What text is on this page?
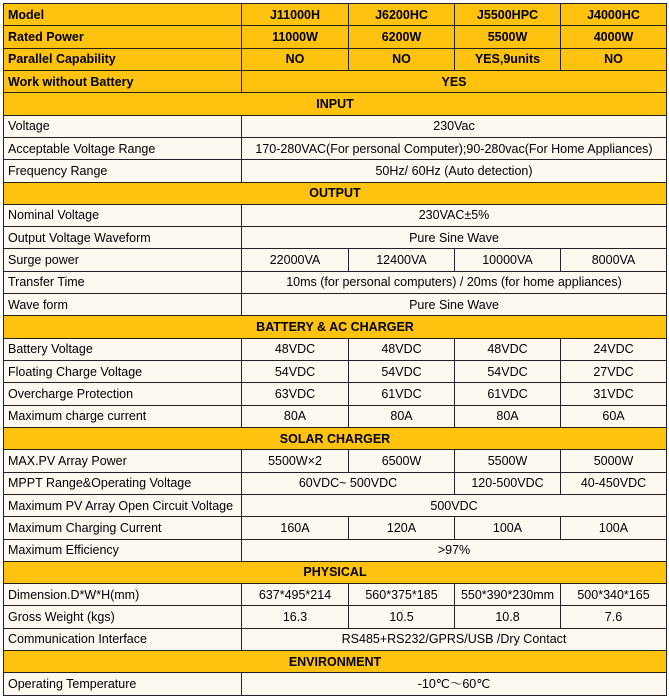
Model	J11000H	J6200HC	J5500HPC	J4000HC
Rated Power	11000W	6200W	5500W	4000W
Parallel Capability	NO	NO	YES,9units	NO
Work without Battery	YES			
INPUT				
Voltage	230Vac			
Acceptable Voltage Range	170-280VAC(For personal Computer);90-280vac(For Home Appliances)			
Frequency Range	50Hz/ 60Hz (Auto detection)			
OUTPUT				
Nominal Voltage	230VAC±5%			
Output Voltage Waveform	Pure Sine Wave			
Surge power	22000VA	12400VA	10000VA	8000VA
Transfer Time	10ms (for personal computers) / 20ms (for home appliances)			
Wave form	Pure Sine Wave			
BATTERY & AC CHARGER				
Battery Voltage	48VDC	48VDC	48VDC	24VDC
Floating Charge Voltage	54VDC	54VDC	54VDC	27VDC
Overcharge Protection	63VDC	61VDC	61VDC	31VDC
Maximum charge current	80A	80A	80A	60A
SOLAR CHARGER				
MAX.PV Array Power	5500W×2	6500W	5500W	5000W
MPPT Range&Operating Voltage	60VDC~ 500VDC		120-500VDC	40-450VDC
Maximum PV Array Open Circuit Voltage	500VDC			
Maximum Charging Current	160A	120A	100A	100A
Maximum Efficiency	>97%			
PHYSICAL				
Dimension.D*W*H(mm)	637*495*214	560*375*185	550*390*230mm	500*340*165
Gross Weight (kgs)	16.3	10.5	10.8	7.6
Communication Interface	RS485+RS232/GPRS/USB /Dry Contact			
ENVIRONMENT				
Operating Temperature	-10℃～60℃			
